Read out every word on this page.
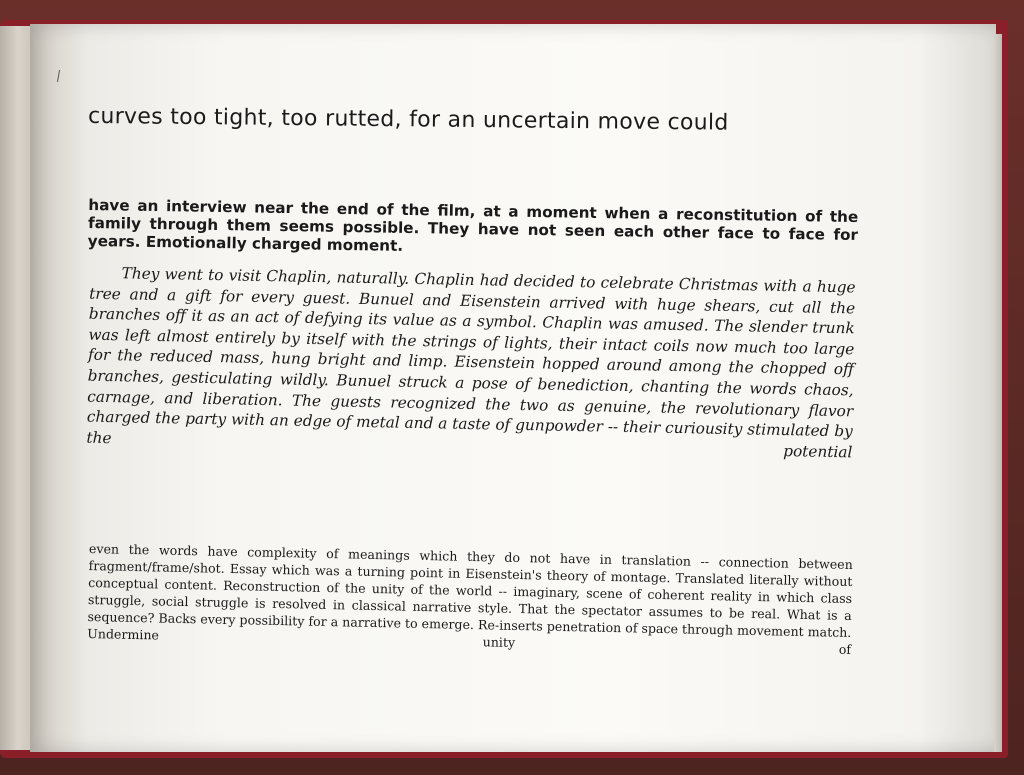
curves too tight, too rutted, for an uncertain move could
have an interview near the end of the film, at a moment when a reconstitution of the family through them seems possible. They have not seen each other face to face for years. Emotionally charged moment.

They went to visit Chaplin, naturally. Chaplin had decided to celebrate Christmas with a huge tree and a gift for every guest. Bunuel and Eisenstein arrived with huge shears, cut all the branches off it as an act of defying its value as a symbol. Chaplin was amused. The slender trunk was left almost entirely by itself with the strings of lights, their intact coils now much too large for the reduced mass, hung bright and limp. Eisenstein hopped around among the chopped off branches, gesticulating wildly. Bunuel struck a pose of benediction, chanting the words chaos, carnage, and liberation. The guests recognized the two as genuine, the revolutionary flavor charged the party with an edge of metal and a taste of gunpowder -- their curiousity stimulated by the potential

even the words have complexity of meanings which they do not have in translation -- connection between fragment/frame/shot. Essay which was a turning point in Eisenstein's theory of montage. Translated literally without conceptual content. Reconstruction of the unity of the world -- imaginary, scene of coherent reality in which class struggle, social struggle is resolved in classical narrative style. That the spectator assumes to be real. What is a sequence? Backs every possibility for a narrative to emerge. Re-inserts penetration of space through movement match. Undermine unity of
